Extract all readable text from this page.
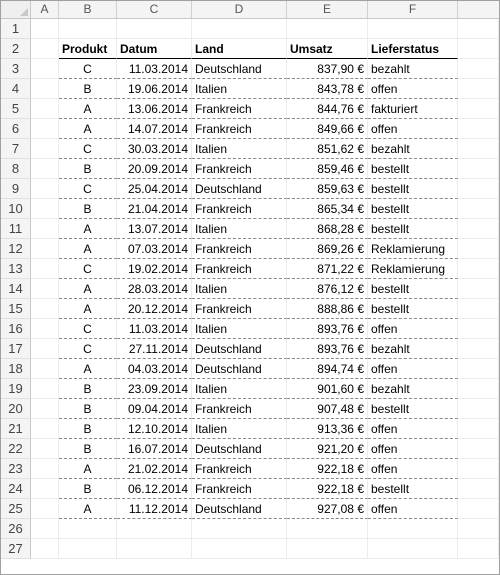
A	B	C	D	E	F
1
2	Produkt	Datum	Land	Umsatz	Lieferstatus
3	C	11.03.2014 Deutschland	837,90 € bezahlt
4	B	19.06.2014 Italien	843,78 € offen
5	A	13.06.2014 Frankreich	844,76 € fakturiert
6	A	14.07.2014 Frankreich	849,66 € offen
7	C	30.03.2014 Italien	851,62 € bezahlt
8	B	20.09.2014 Frankreich	859,46 € bestellt
9	C	25.04.2014 Deutschland	859,63 € bestellt
10	B	21.04.2014 Frankreich	865,34 € bestellt
11	A	13.07.2014 Italien	868,28 € bestellt
12	A	07.03.2014 Frankreich	869,26 € Reklamierung
13	C	19.02.2014 Frankreich	871,22 € Reklamierung
14	A	28.03.2014 Italien	876,12 € bestellt
15	A	20.12.2014 Frankreich	888,86 € bestellt
16	C	11.03.2014 Italien	893,76 € offen
17	C	27.11.2014 Deutschland	893,76 € bezahlt
18	A	04.03.2014 Deutschland	894,74 € offen
19	B	23.09.2014 Italien	901,60 € bezahlt
20	B	09.04.2014 Frankreich	907,48 € bestellt
21	B	12.10.2014 Italien	913,36 € offen
22	B	16.07.2014 Deutschland	921,20 € offen
23	A	21.02.2014 Frankreich	922,18 € offen
24	B	06.12.2014 Frankreich	922,18 € bestellt
25	A	11.12.2014 Deutschland	927,08 € offen
26
27
